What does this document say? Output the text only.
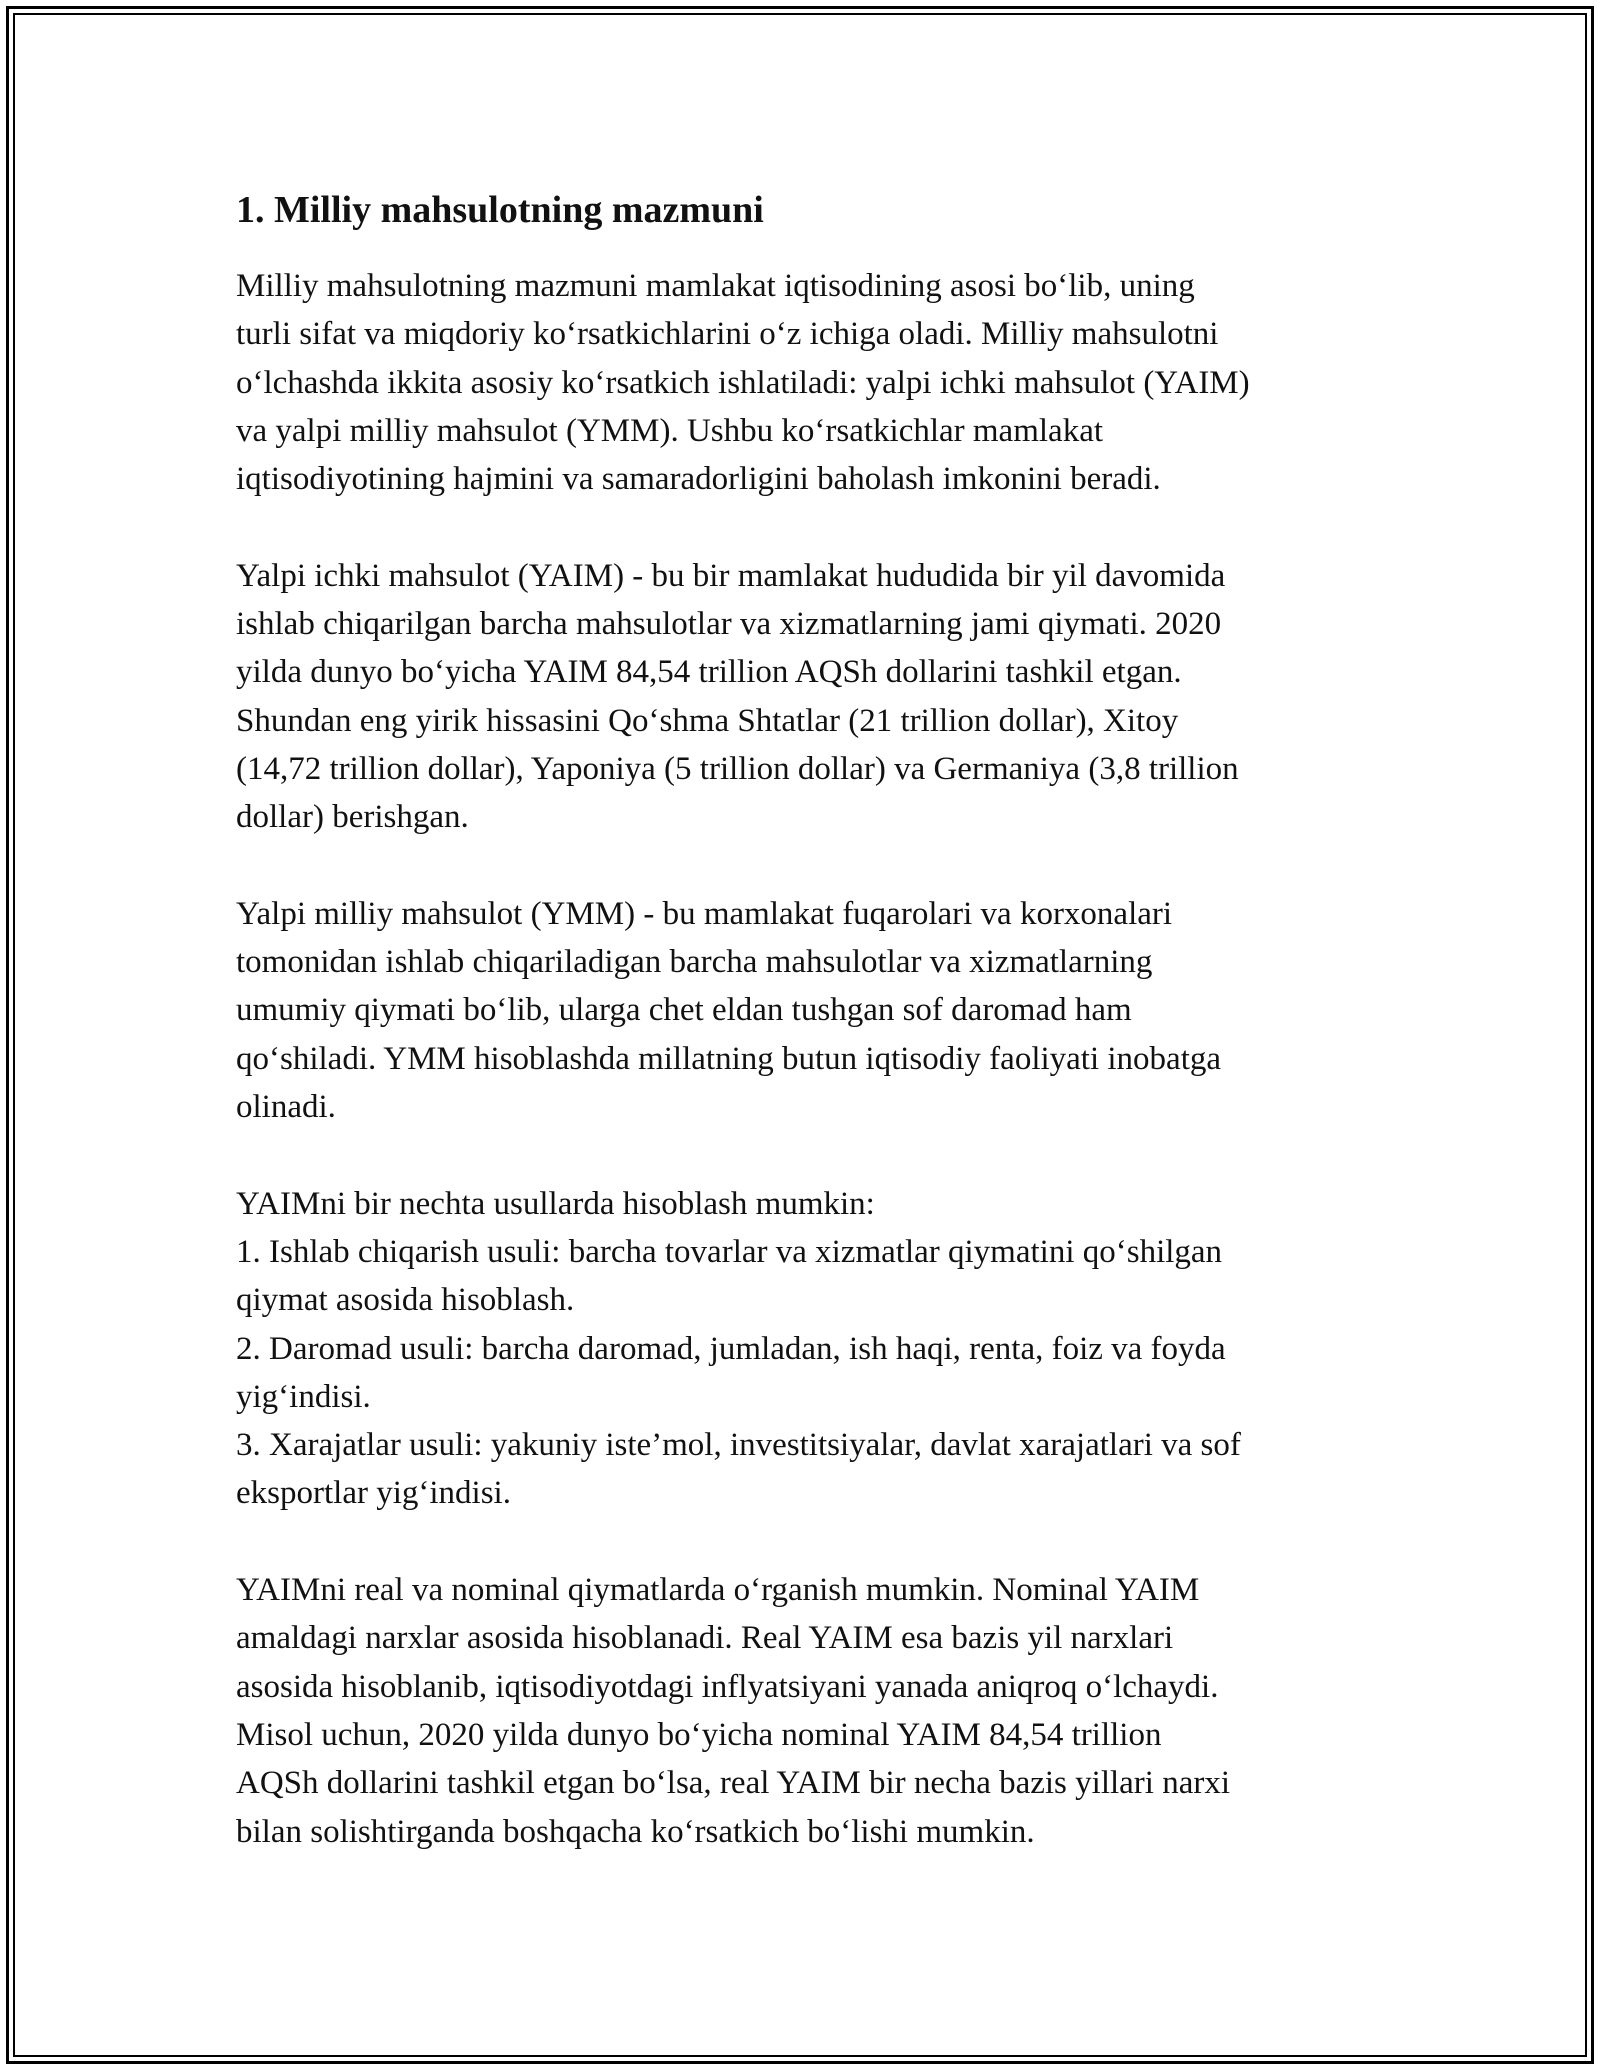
1. Milliy mahsulotning mazmuni

Milliy mahsulotning mazmuni mamlakat iqtisodining asosi bo‘lib, uning
turli sifat va miqdoriy ko‘rsatkichlarini o‘z ichiga oladi. Milliy mahsulotni
o‘lchashda ikkita asosiy ko‘rsatkich ishlatiladi: yalpi ichki mahsulot (YAIM)
va yalpi milliy mahsulot (YMM). Ushbu ko‘rsatkichlar mamlakat
iqtisodiyotining hajmini va samaradorligini baholash imkonini beradi.

Yalpi ichki mahsulot (YAIM) - bu bir mamlakat hududida bir yil davomida
ishlab chiqarilgan barcha mahsulotlar va xizmatlarning jami qiymati. 2020
yilda dunyo bo‘yicha YAIM 84,54 trillion AQSh dollarini tashkil etgan.
Shundan eng yirik hissasini Qo‘shma Shtatlar (21 trillion dollar), Xitoy
(14,72 trillion dollar), Yaponiya (5 trillion dollar) va Germaniya (3,8 trillion
dollar) berishgan.

Yalpi milliy mahsulot (YMM) - bu mamlakat fuqarolari va korxonalari
tomonidan ishlab chiqariladigan barcha mahsulotlar va xizmatlarning
umumiy qiymati bo‘lib, ularga chet eldan tushgan sof daromad ham
qo‘shiladi. YMM hisoblashda millatning butun iqtisodiy faoliyati inobatga
olinadi.

YAIMni bir nechta usullarda hisoblash mumkin:

1. Ishlab chiqarish usuli: barcha tovarlar va xizmatlar qiymatini qo‘shilgan
qiymat asosida hisoblash.

2. Daromad usuli: barcha daromad, jumladan, ish haqi, renta, foiz va foyda
yig‘indisi.

3. Xarajatlar usuli: yakuniy iste’mol, investitsiyalar, davlat xarajatlari va sof
eksportlar yig‘indisi.

YAIMni real va nominal qiymatlarda o‘rganish mumkin. Nominal YAIM
amaldagi narxlar asosida hisoblanadi. Real YAIM esa bazis yil narxlari
asosida hisoblanib, iqtisodiyotdagi inflyatsiyani yanada aniqroq o‘lchaydi.
Misol uchun, 2020 yilda dunyo bo‘yicha nominal YAIM 84,54 trillion
AQSh dollarini tashkil etgan bo‘lsa, real YAIM bir necha bazis yillari narxi
bilan solishtirganda boshqacha ko‘rsatkich bo‘lishi mumkin.
